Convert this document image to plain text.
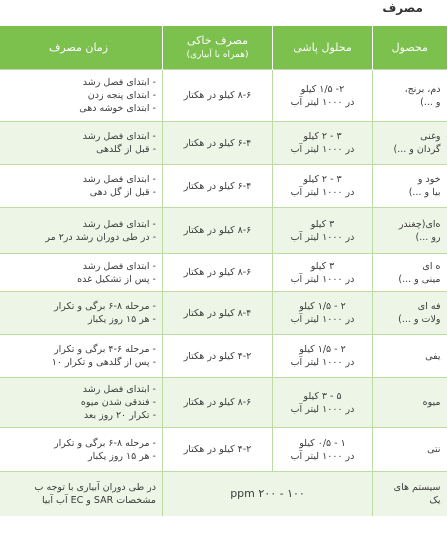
مصرف
محصول	محلول پاشی	مصرف خاکی
(همراه با آبیاری)	زمان مصرف

دم، برنج،
و ...)	۲- ۱/۵ کیلو
در ۱۰۰۰ لیتر آب	۸-۶ کیلو در هکتار	- ابتدای فصل رشد
- ابتدای پنجه زدن
- ابتدای خوشه دهی

وغنی
گردان و ...)	۳ - ۲ کیلو
در ۱۰۰۰ لیتر آب	۶-۴ کیلو در هکتار	- ابتدای فصل رشد
- قبل از گلدهی

خود و
بیا و ...)	۳ - ۲ کیلو
در ۱۰۰۰ لیتر آب	۶-۴ کیلو در هکتار	- ابتدای فصل رشد
- قبل از گل دهی

ه‌ای(چغندر
رو ...)	۳ کیلو
در ۱۰۰۰ لیتر آب	۸-۶ کیلو در هکتار	- ابتدای فصل رشد
- در طی دوران رشد در۲ مر

ه ای
مینی و ...)	۳ کیلو
در ۱۰۰۰ لیتر آب	۸-۶ کیلو در هکتار	- ابتدای فصل رشد
- پس از تشکیل غده

فه ای
ولات و ...)	۲ - ۱/۵ کیلو
در ۱۰۰۰ لیتر آب	۸-۴ کیلو در هکتار	- مرحله ۸-۶ برگی و تکرار
- هر ۱۵ روز یکبار

یفی	۲ - ۱/۵ کیلو
در ۱۰۰۰ لیتر آب	۴-۲ کیلو در هکتار	- مرحله ۶-۴ برگی و تکرار
- پس از گلدهی و تکرار ۱۰

میوه	۵ - ۳ کیلو
در ۱۰۰۰ لیتر آب	۸-۶ کیلو در هکتار	- ابتدای فصل رشد
- فندقی شدن میوه
- تکرار ۲۰ روز بعد

نتی	۱ - ۰/۵ کیلو
در ۱۰۰۰ لیتر آب	۴-۲ کیلو در هکتار	- مرحله ۸-۶ برگی و تکرار
- هر ۱۵ روز یکبار

سیستم های
یک	۱۰۰ - ۲۰۰ ppm		در طی دوران آبیاری با توجه ب
مشخصات SAR و EC آب آبیا
